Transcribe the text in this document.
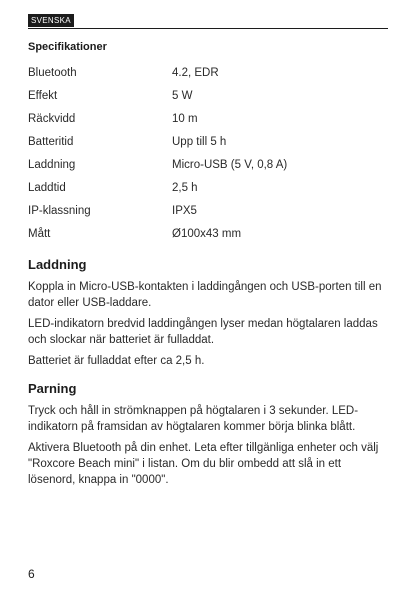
SVENSKA
Specifikationer
Bluetooth	4.2, EDR
Effekt	5 W
Räckvidd	10 m
Batteritid	Upp till 5 h
Laddning	Micro-USB (5 V, 0,8 A)
Laddtid	2,5 h
IP-klassning	IPX5
Mått	Ø100x43 mm
Laddning

Koppla in Micro-USB-kontakten i laddingången och USB-porten till en dator eller USB-laddare.

LED-indikatorn bredvid laddingången lyser medan högtalaren laddas och slockar när batteriet är fulladdat.

Batteriet är fulladdat efter ca 2,5 h.

Parning

Tryck och håll in strömknappen på högtalaren i 3 sekunder. LED-indikatorn på framsidan av högtalaren kommer börja blinka blått.

Aktivera Bluetooth på din enhet. Leta efter tillgänliga enheter och välj "Roxcore Beach mini" i listan. Om du blir ombedd att slå in ett lösenord, knappa in "0000".

6
